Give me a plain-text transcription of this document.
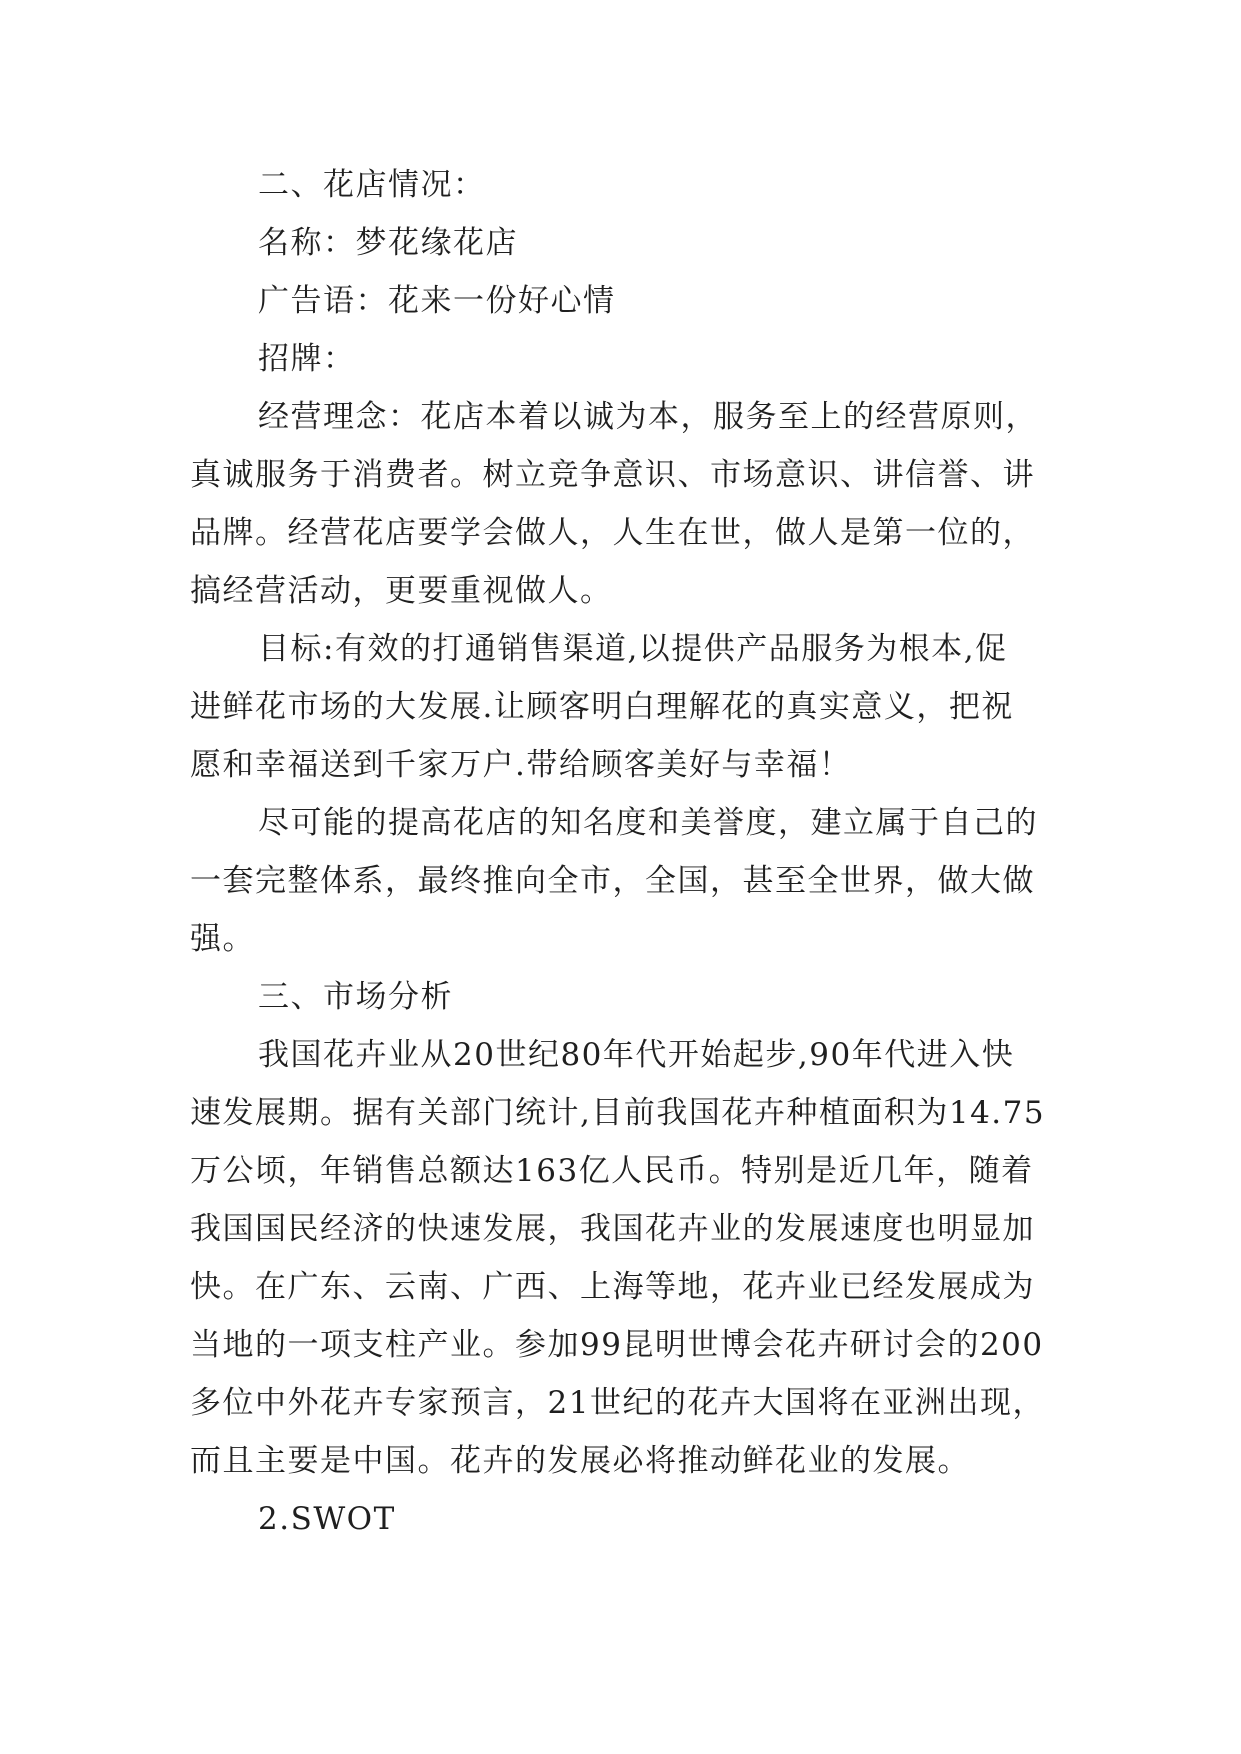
二、花店情况：
名称：梦花缘花店
广告语：花来一份好心情
招牌：
经营理念：花店本着以诚为本，服务至上的经营原则，
真诚服务于消费者。树立竞争意识、市场意识、讲信誉、讲
品牌。经营花店要学会做人，人生在世，做人是第一位的，
搞经营活动，更要重视做人。
目标:有效的打通销售渠道,以提供产品服务为根本,促
进鲜花市场的大发展.让顾客明白理解花的真实意义，把祝
愿和幸福送到千家万户.带给顾客美好与幸福！
尽可能的提高花店的知名度和美誉度，建立属于自己的
一套完整体系，最终推向全市，全国，甚至全世界，做大做
强。
三、市场分析
我国花卉业从20世纪80年代开始起步,90年代进入快
速发展期。据有关部门统计,目前我国花卉种植面积为14.75
万公顷，年销售总额达163亿人民币。特别是近几年，随着
我国国民经济的快速发展，我国花卉业的发展速度也明显加
快。在广东、云南、广西、上海等地，花卉业已经发展成为
当地的一项支柱产业。参加99昆明世博会花卉研讨会的200
多位中外花卉专家预言，21世纪的花卉大国将在亚洲出现，
而且主要是中国。花卉的发展必将推动鲜花业的发展。
2.SWOT
